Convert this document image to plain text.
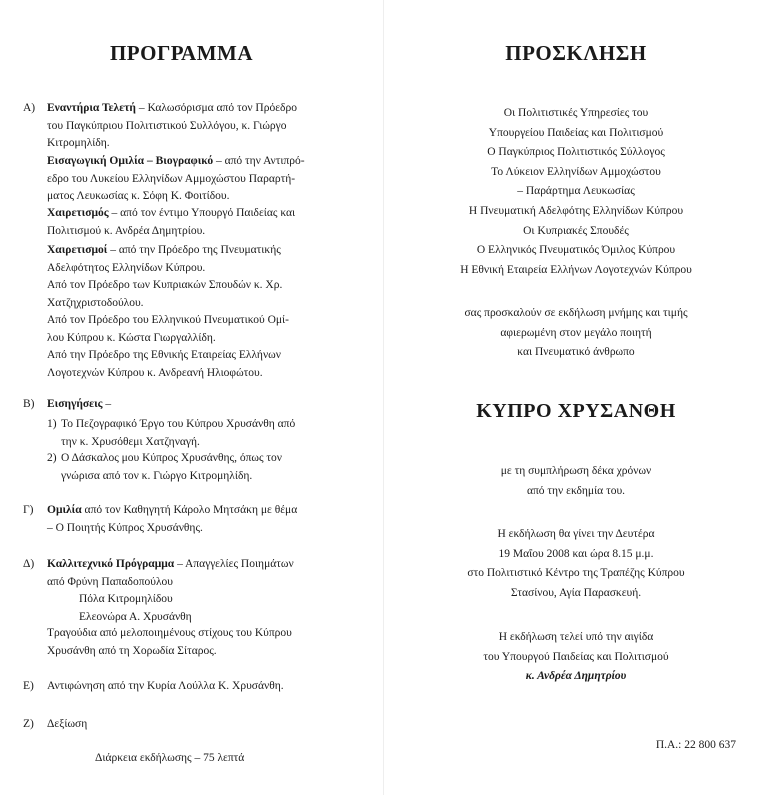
ΠΡΟΓΡΑΜΜΑ
Α)	Εναντήρια Τελετή – Καλωσόρισμα από τον Πρόεδρο

του Παγκύπριου Πολιτιστικού Συλλόγου, κ. Γιώργο

Κιτρομηλίδη.

Εισαγωγική Ομιλία – Βιογραφικό – από την Αντιπρό-

εδρο του Λυκείου Ελληνίδων Αμμοχώστου Παραρτή-

ματος Λευκωσίας κ. Σόφη Κ. Φοιτίδου.

Χαιρετισμός – από τον έντιμο Υπουργό Παιδείας και

Πολιτισμού κ. Ανδρέα Δημητρίου.

Χαιρετισμοί – από την Πρόεδρο της Πνευματικής

Αδελφότητος Ελληνίδων Κύπρου.

Από τον Πρόεδρο των Κυπριακών Σπουδών κ. Χρ.

Χατζηχριστοδούλου.

Από τον Πρόεδρο του Ελληνικού Πνευματικού Ομί-

λου Κύπρου κ. Κώστα Γιωργαλλίδη.

Από την Πρόεδρο της Εθνικής Εταιρείας Ελλήνων

Λογοτεχνών Κύπρου κ. Ανδρεανή Ηλιοφώτου.

Β)	Εισηγήσεις –

1) Το Πεζογραφικό Έργο του Κύπρου Χρυσάνθη από

την κ. Χρυσόθεμι Χατζηναγή.

2) Ο Δάσκαλος μου Κύπρος Χρυσάνθης, όπως τον

γνώρισα από τον κ. Γιώργο Κιτρομηλίδη.

Γ)	Ομιλία από τον Καθηγητή Κάρολο Μητσάκη με θέμα

– Ο Ποιητής Κύπρος Χρυσάνθης.

Δ)	Καλλιτεχνικό Πρόγραμμα – Απαγγελίες Ποιημάτων

από Φρύνη Παπαδοπούλου

Πόλα Κιτρομηλίδου
Ελεονώρα Α. Χρυσάνθη

Τραγούδια από μελοποιημένους στίχους του Κύπρου

Χρυσάνθη από τη Χορωδία Σίταρος.

Ε)	Αντιφώνηση από την Κυρία Λούλλα Κ. Χρυσάνθη.
Ζ)	Δεξίωση
Διάρκεια εκδήλωσης – 75 λεπτά
ΠΡΟΣΚΛΗΣΗ

Οι Πολιτιστικές Υπηρεσίες του

Υπουργείου Παιδείας και Πολιτισμού

Ο Παγκύπριος Πολιτιστικός Σύλλογος

Το Λύκειον Ελληνίδων Αμμοχώστου

– Παράρτημα Λευκωσίας

Η Πνευματική Αδελφότης Ελληνίδων Κύπρου

Οι Κυπριακές Σπουδές

Ο Ελληνικός Πνευματικός Όμιλος Κύπρου

Η Εθνική Εταιρεία Ελλήνων Λογοτεχνών Κύπρου

σας προσκαλούν σε εκδήλωση μνήμης και τιμής

αφιερωμένη στον μεγάλο ποιητή

και Πνευματικό άνθρωπο

ΚΥΠΡΟ ΧΡΥΣΑΝΘΗ

με τη συμπλήρωση δέκα χρόνων

από την εκδημία του.

Η εκδήλωση θα γίνει την Δευτέρα

19 Μαΐου 2008 και ώρα 8.15 μ.μ.

στο Πολιτιστικό Κέντρο της Τραπέζης Κύπρου

Στασίνου, Αγία Παρασκευή.

Η εκδήλωση τελεί υπό την αιγίδα

του Υπουργού Παιδείας και Πολιτισμού

κ. Ανδρέα Δημητρίου

Π.Α.: 22 800 637
